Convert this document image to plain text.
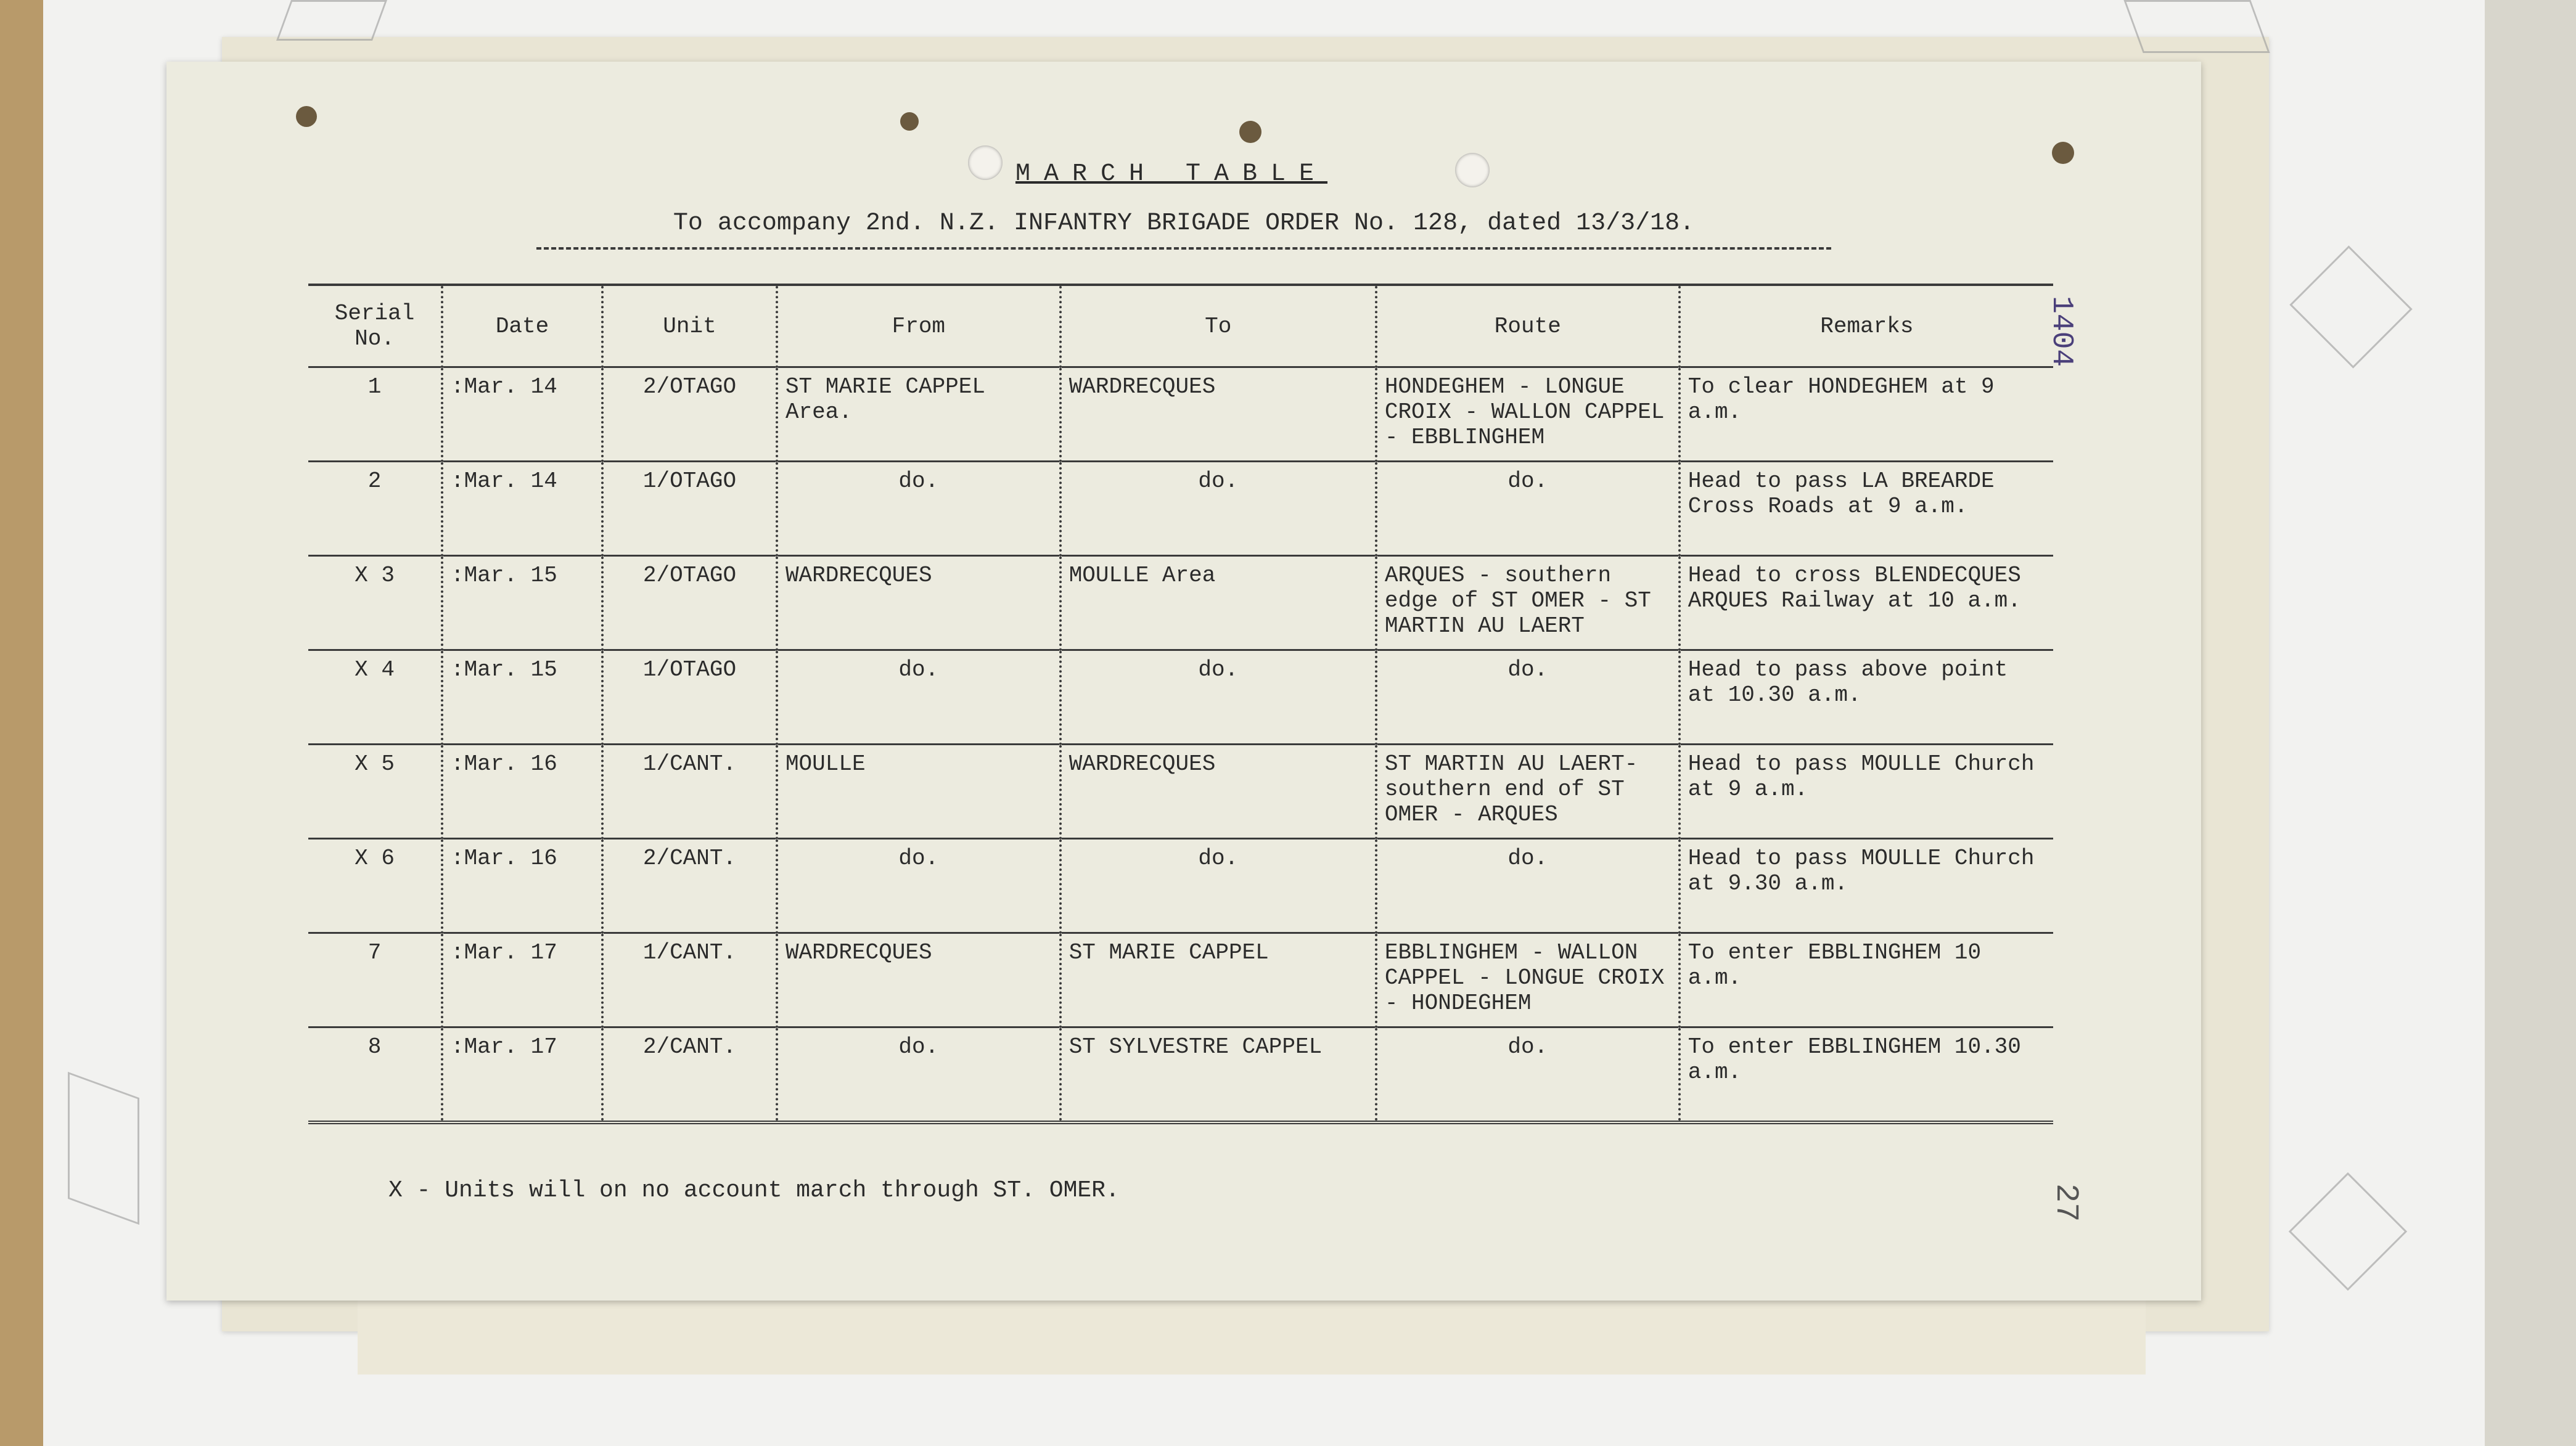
MARCH TABLE
To accompany 2nd. N.Z. INFANTRY BRIGADE ORDER No. 128, dated 13/3/18.
1404
27
Serial No.	Date	Unit	From	To	Route	Remarks
1	:Mar. 14	2/OTAGO	ST MARIE CAPPEL Area.	WARDRECQUES	HONDEGHEM - LONGUE CROIX - WALLON CAPPEL - EBBLINGHEM	To clear HONDEGHEM at 9 a.m.
2	:Mar. 14	1/OTAGO	do.	do.	do.	Head to pass LA BREARDE Cross Roads at 9 a.m.
X 3	:Mar. 15	2/OTAGO	WARDRECQUES	MOULLE Area	ARQUES - southern edge of ST OMER - ST MARTIN AU LAERT	Head to cross BLENDECQUES ARQUES Railway at 10 a.m.
X 4	:Mar. 15	1/OTAGO	do.	do.	do.	Head to pass above point at 10.30 a.m.
X 5	:Mar. 16	1/CANT.	MOULLE	WARDRECQUES	ST MARTIN AU LAERT- southern end of ST OMER - ARQUES	Head to pass MOULLE Church at 9 a.m.
X 6	:Mar. 16	2/CANT.	do.	do.	do.	Head to pass MOULLE Church at 9.30 a.m.
7	:Mar. 17	1/CANT.	WARDRECQUES	ST MARIE CAPPEL	EBBLINGHEM - WALLON CAPPEL - LONGUE CROIX - HONDEGHEM	To enter EBBLINGHEM 10 a.m.
8	:Mar. 17	2/CANT.	do.	ST SYLVESTRE CAPPEL	do.	To enter EBBLINGHEM 10.30 a.m.
X - Units will on no account march through ST. OMER.
